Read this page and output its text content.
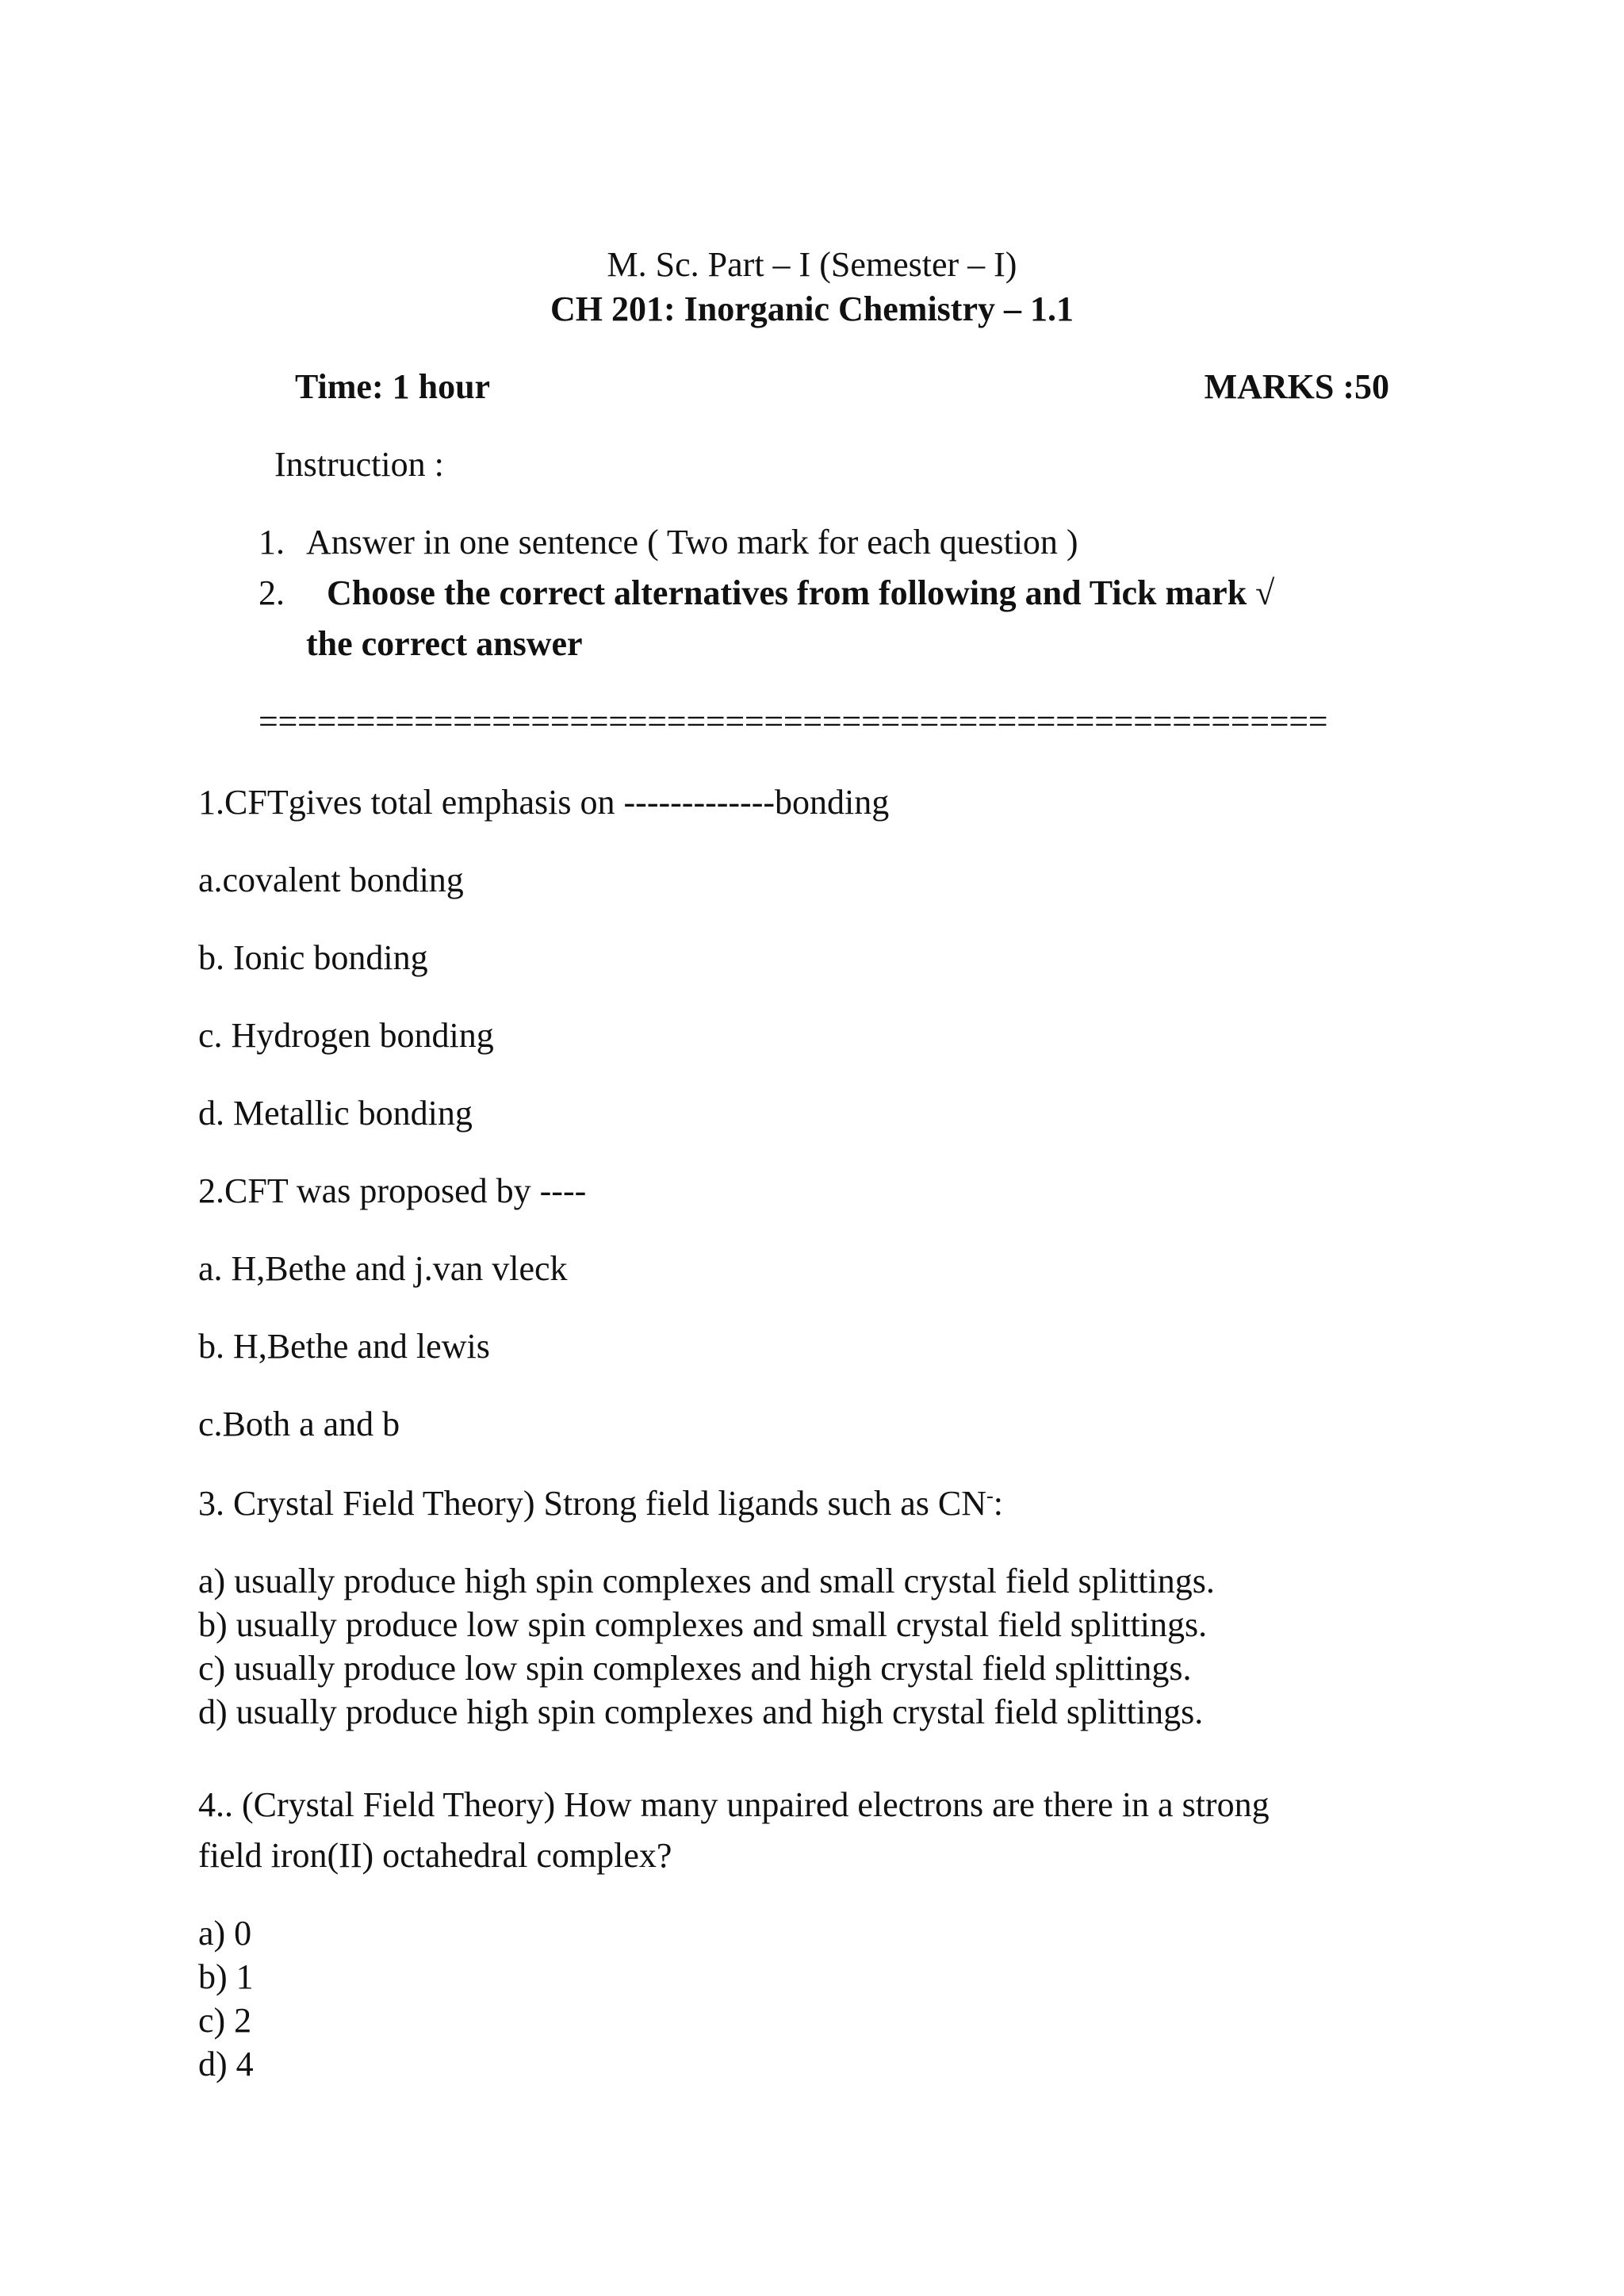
M. Sc. Part – I (Semester – I)
CH 201: Inorganic Chemistry – 1.1
Time: 1 hour	MARKS :50
Instruction :
1. Answer in one sentence ( Two mark for each question )
2. Choose the correct alternatives from following and Tick mark √
the correct answer
=======================================================
1.CFTgives total emphasis on -------------bonding
a.covalent bonding
b. Ionic bonding
c. Hydrogen bonding
d. Metallic bonding
2.CFT was proposed by ----
a. H,Bethe and j.van vleck
b. H,Bethe and lewis
c.Both a and b
3. Crystal Field Theory) Strong field ligands such as CN-:
a) usually produce high spin complexes and small crystal field splittings.
b) usually produce low spin complexes and small crystal field splittings.
c) usually produce low spin complexes and high crystal field splittings.
d) usually produce high spin complexes and high crystal field splittings.
4.. (Crystal Field Theory) How many unpaired electrons are there in a strong
field iron(II) octahedral complex?
a) 0
b) 1
c) 2
d) 4
